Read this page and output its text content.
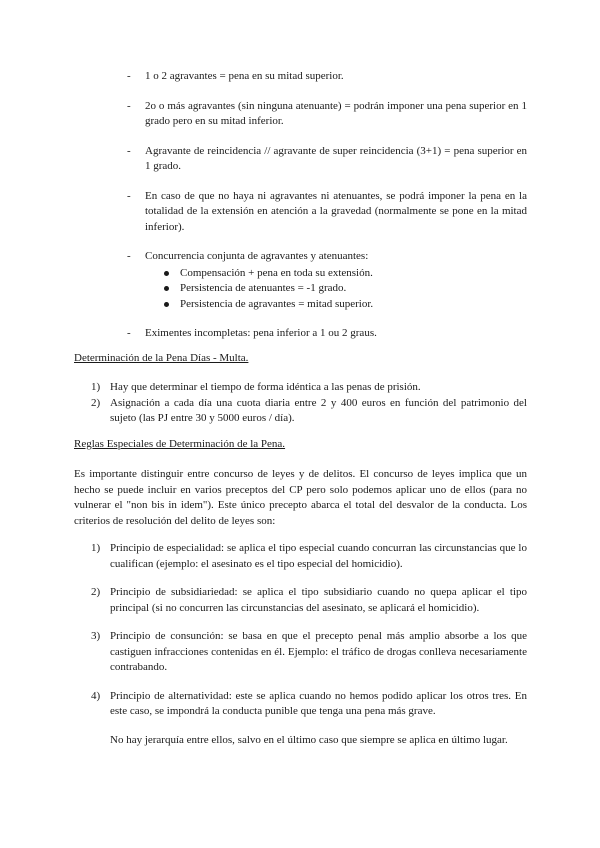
- 1 o 2 agravantes = pena en su mitad superior.
- 2o o más agravantes (sin ninguna atenuante) = podrán imponer una pena superior en 1 grado pero en su mitad inferior.
- Agravante de reincidencia // agravante de super reincidencia (3+1) = pena superior en 1 grado.
- En caso de que no haya ni agravantes ni atenuantes, se podrá imponer la pena en la totalidad de la extensión en atención a la gravedad (normalmente se pone en la mitad inferior).
- Concurrencia conjunta de agravantes y atenuantes:
Compensación + pena en toda su extensión.
Persistencia de atenuantes = -1 grado.
Persistencia de agravantes = mitad superior.
- Eximentes incompletas: pena inferior a 1 ou 2 graus.
Determinación de la Pena Días - Multa.
1) Hay que determinar el tiempo de forma idéntica a las penas de prisión.
2) Asignación a cada día una cuota diaria entre 2 y 400 euros en función del patrimonio del sujeto (las PJ entre 30 y 5000 euros / día).
Reglas Especiales de Determinación de la Pena.
Es importante distinguir entre concurso de leyes y de delitos. El concurso de leyes implica que un hecho se puede incluir en varios preceptos del CP pero solo podemos aplicar uno de ellos (para no vulnerar el "non bis in idem"). Este único precepto abarca el total del desvalor de la conducta. Los criterios de resolución del delito de leyes son:
1) Principio de especialidad: se aplica el tipo especial cuando concurran las circunstancias que lo cualifican (ejemplo: el asesinato es el tipo especial del homicidio).
2) Principio de subsidiariedad: se aplica el tipo subsidiario cuando no quepa aplicar el tipo principal (si no concurren las circunstancias del asesinato, se aplicará el homicidio).
3) Principio de consunción: se basa en que el precepto penal más amplio absorbe a los que castiguen infracciones contenidas en él. Ejemplo: el tráfico de drogas conlleva necesariamente contrabando.
4) Principio de alternatividad: este se aplica cuando no hemos podido aplicar los otros tres. En este caso, se impondrá la conducta punible que tenga una pena más grave.
No hay jerarquía entre ellos, salvo en el último caso que siempre se aplica en último lugar.
